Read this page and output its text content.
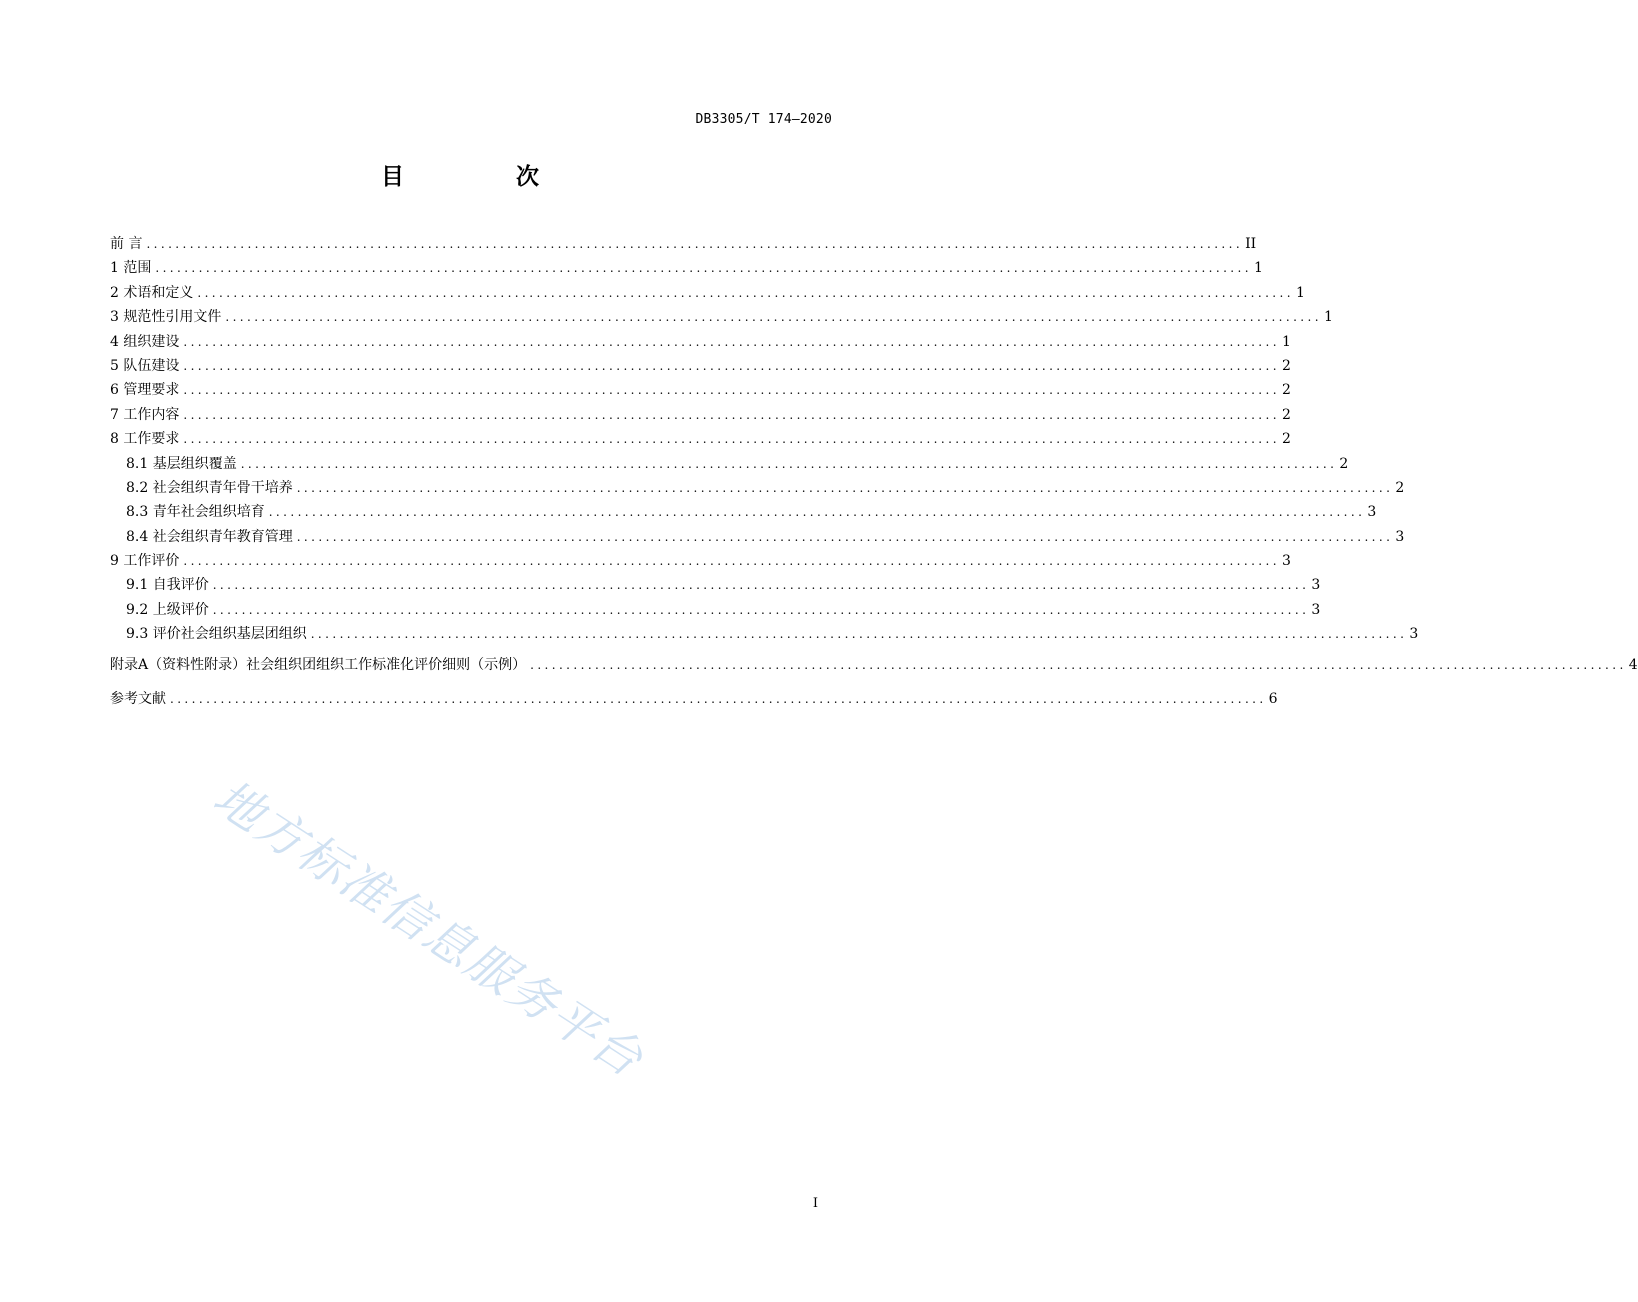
DB3305/T 174—2020
目 次
前 言 ........................................................................................................................................................ II
1 范围 ........................................................................................................................................................ 1
2 术语和定义 ........................................................................................................................................................ 1
3 规范性引用文件 ........................................................................................................................................................ 1
4 组织建设 ........................................................................................................................................................ 1
5 队伍建设 ........................................................................................................................................................ 2
6 管理要求 ........................................................................................................................................................ 2
7 工作内容 ........................................................................................................................................................ 2
8 工作要求 ........................................................................................................................................................ 2
8.1 基层组织覆盖 ........................................................................................................................................................ 2
8.2 社会组织青年骨干培养 ........................................................................................................................................................ 2
8.3 青年社会组织培育 ........................................................................................................................................................ 3
8.4 社会组织青年教育管理 ........................................................................................................................................................ 3
9 工作评价 ........................................................................................................................................................ 3
9.1 自我评价 ........................................................................................................................................................ 3
9.2 上级评价 ........................................................................................................................................................ 3
9.3 评价社会组织基层团组织 ........................................................................................................................................................ 3
附录A（资料性附录）社会组织团组织工作标准化评价细则（示例） ........................................................................................................................................................ 4
参考文献 ........................................................................................................................................................ 6
地方标准信息服务平台
I
